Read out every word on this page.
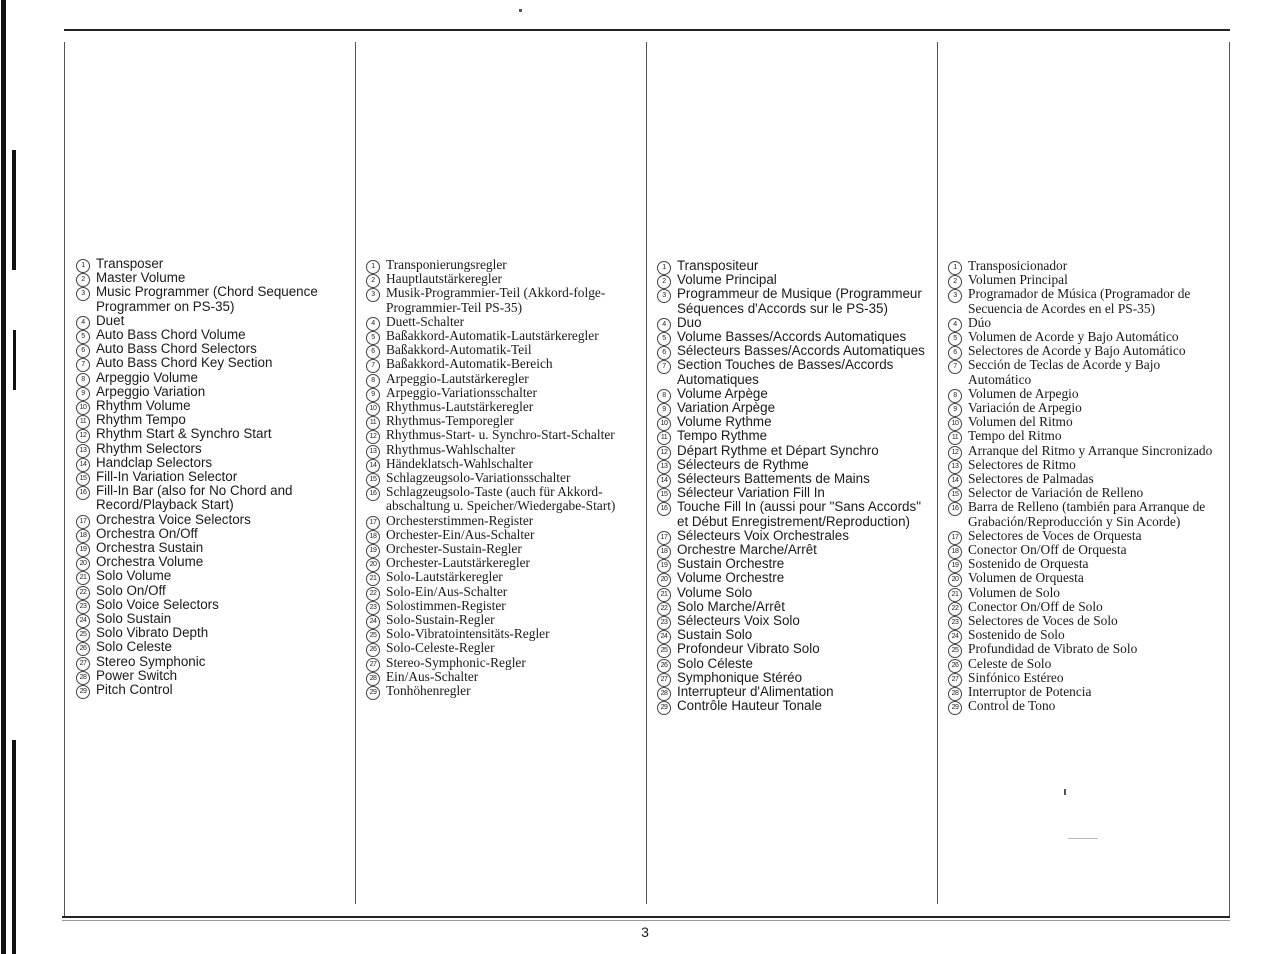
1 Transposer
2 Master Volume
3 Music Programmer (Chord Sequence Programmer on PS-35)
4 Duet
5 Auto Bass Chord Volume
6 Auto Bass Chord Selectors
7 Auto Bass Chord Key Section
8 Arpeggio Volume
9 Arpeggio Variation
10 Rhythm Volume
11 Rhythm Tempo
12 Rhythm Start & Synchro Start
13 Rhythm Selectors
14 Handclap Selectors
15 Fill-In Variation Selector
16 Fill-In Bar (also for No Chord and Record/Playback Start)
17 Orchestra Voice Selectors
18 Orchestra On/Off
19 Orchestra Sustain
20 Orchestra Volume
21 Solo Volume
22 Solo On/Off
23 Solo Voice Selectors
24 Solo Sustain
25 Solo Vibrato Depth
26 Solo Celeste
27 Stereo Symphonic
28 Power Switch
29 Pitch Control
1 Transponierungsregler
2 Hauptlautstärkeregler
3 Musik-Programmier-Teil (Akkord-folge-Programmier-Teil PS-35)
4 Duett-Schalter
5 Baßakkord-Automatik-Lautstärkeregler
6 Baßakkord-Automatik-Teil
7 Baßakkord-Automatik-Bereich
8 Arpeggio-Lautstärkeregler
9 Arpeggio-Variationsschalter
10 Rhythmus-Lautstärkeregler
11 Rhythmus-Temporegler
12 Rhythmus-Start- u. Synchro-Start-Schalter
13 Rhythmus-Wahlschalter
14 Händeklatsch-Wahlschalter
15 Schlagzeugsolo-Variationsschalter
16 Schlagzeugsolo-Taste (auch für Akkord-abschaltung u. Speicher/Wiedergabe-Start)
17 Orchesterstimmen-Register
18 Orchester-Ein/Aus-Schalter
19 Orchester-Sustain-Regler
20 Orchester-Lautstärkeregler
21 Solo-Lautstärkeregler
22 Solo-Ein/Aus-Schalter
23 Solostimmen-Register
24 Solo-Sustain-Regler
25 Solo-Vibratointensitäts-Regler
26 Solo-Celeste-Regler
27 Stereo-Symphonic-Regler
28 Ein/Aus-Schalter
29 Tonhöhenregler
1 Transpositeur
2 Volume Principal
3 Programmeur de Musique (Programmeur Séquences d'Accords sur le PS-35)
4 Duo
5 Volume Basses/Accords Automatiques
6 Sélecteurs Basses/Accords Automatiques
7 Section Touches de Basses/Accords Automatiques
8 Volume Arpège
9 Variation Arpège
10 Volume Rythme
11 Tempo Rythme
12 Départ Rythme et Départ Synchro
13 Sélecteurs de Rythme
14 Sélecteurs Battements de Mains
15 Sélecteur Variation Fill In
16 Touche Fill In (aussi pour "Sans Accords" et Début Enregistrement/Reproduction)
17 Sélecteurs Voix Orchestrales
18 Orchestre Marche/Arrêt
19 Sustain Orchestre
20 Volume Orchestre
21 Volume Solo
22 Solo Marche/Arrêt
23 Sélecteurs Voix Solo
24 Sustain Solo
25 Profondeur Vibrato Solo
26 Solo Céleste
27 Symphonique Stéréo
28 Interrupteur d'Alimentation
29 Contrôle Hauteur Tonale
1 Transposicionador
2 Volumen Principal
3 Programador de Música (Programador de Secuencia de Acordes en el PS-35)
4 Dúo
5 Volumen de Acorde y Bajo Automático
6 Selectores de Acorde y Bajo Automático
7 Sección de Teclas de Acorde y Bajo Automático
8 Volumen de Arpegio
9 Variación de Arpegio
10 Volumen del Ritmo
11 Tempo del Ritmo
12 Arranque del Ritmo y Arranque Sincronizado
13 Selectores de Ritmo
14 Selectores de Palmadas
15 Selector de Variación de Relleno
16 Barra de Relleno (también para Arranque de Grabación/Reproducción y Sin Acorde)
17 Selectores de Voces de Orquesta
18 Conector On/Off de Orquesta
19 Sostenido de Orquesta
20 Volumen de Orquesta
21 Volumen de Solo
22 Conector On/Off de Solo
23 Selectores de Voces de Solo
24 Sostenido de Solo
25 Profundidad de Vibrato de Solo
26 Celeste de Solo
27 Sinfónico Estéreo
28 Interruptor de Potencia
29 Control de Tono
3
